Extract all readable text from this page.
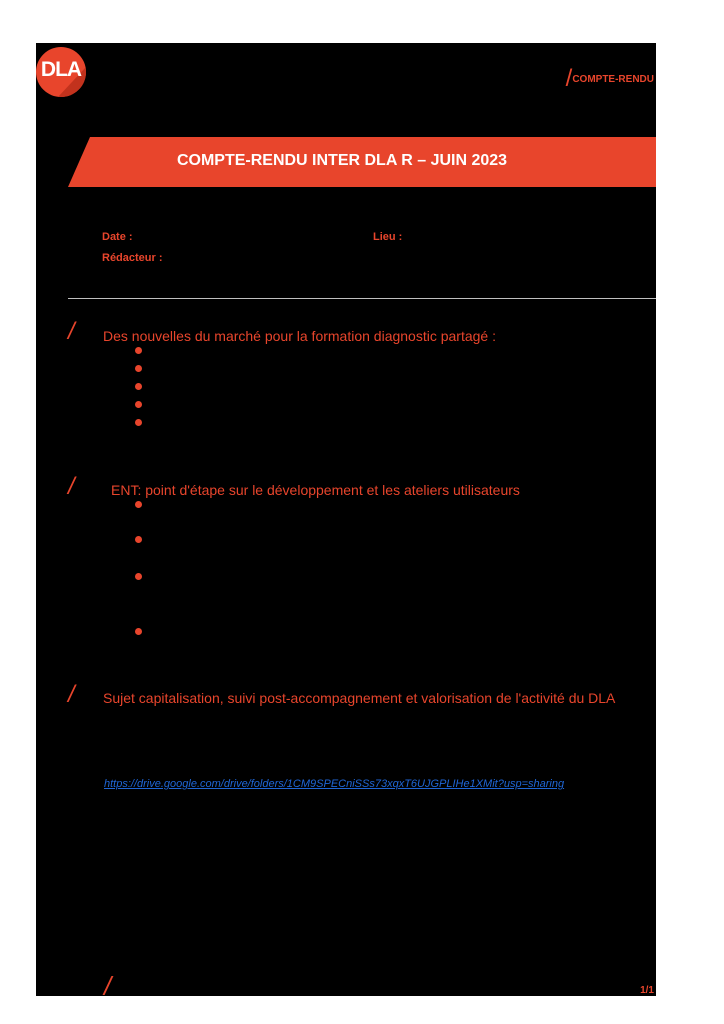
DLA	/COMPTE-RENDU
COMPTE-RENDU INTER DLA R – JUIN 2023
Date :	Lieu :
Rédacteur :
/ Des nouvelles du marché pour la formation diagnostic partagé :
/	ENT: point d'étape sur le développement et les ateliers utilisateurs
/ Sujet capitalisation, suivi post-accompagnement et valorisation de l'activité du DLA
https://drive.google.com/drive/folders/1CM9SPECniSSs73xqxT6UJGPLIHe1XMit?usp=sharing
/	1/1
